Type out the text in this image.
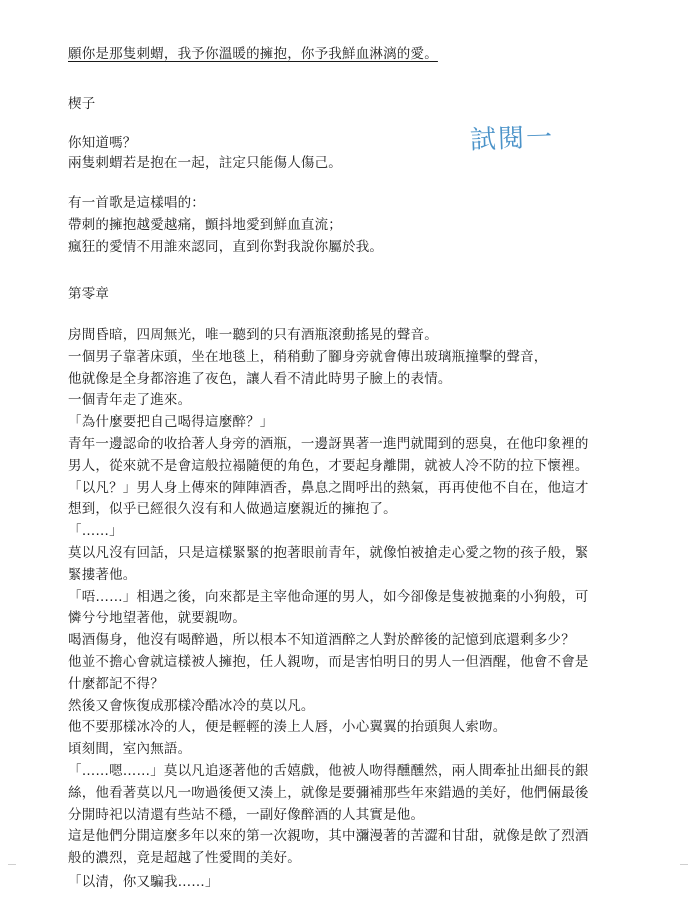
願你是那隻刺蝟，我予你溫暖的擁抱，你予我鮮血淋漓的愛。
楔子
你知道嗎？
兩隻刺蝟若是抱在一起，註定只能傷人傷己。
有一首歌是這樣唱的：
帶刺的擁抱越愛越痛，顫抖地愛到鮮血直流；
瘋狂的愛情不用誰來認同，直到你對我說你屬於我。
第零章
房間昏暗，四周無光，唯一聽到的只有酒瓶滾動搖晃的聲音。
一個男子靠著床頭，坐在地毯上，稍稍動了腳身旁就會傳出玻璃瓶撞擊的聲音，
他就像是全身都溶進了夜色，讓人看不清此時男子臉上的表情。
一個青年走了進來。
「為什麼要把自己喝得這麼醉？」
青年一邊認命的收拾著人身旁的酒瓶，一邊訝異著一進門就聞到的惡臭，在他印象裡的
男人，從來就不是會這般拉褟隨便的角色，才要起身離開，就被人冷不防的拉下懷裡。
「以凡？」男人身上傳來的陣陣酒香，鼻息之間呼出的熱氣，再再使他不自在，他這才
想到，似乎已經很久沒有和人做過這麼親近的擁抱了。
「……」
莫以凡沒有回話，只是這樣緊緊的抱著眼前青年，就像怕被搶走心愛之物的孩子般，緊
緊摟著他。
「唔……」相遇之後，向來都是主宰他命運的男人，如今卻像是隻被拋棄的小狗般，可
憐兮兮地望著他，就要親吻。
喝酒傷身，他沒有喝醉過，所以根本不知道酒醉之人對於醉後的記憶到底還剩多少？
他並不擔心會就這樣被人擁抱，任人親吻，而是害怕明日的男人一但酒醒，他會不會是
什麼都記不得？
然後又會恢復成那樣冷酷冰冷的莫以凡。
他不要那樣冰冷的人，便是輕輕的湊上人唇，小心翼翼的抬頭與人索吻。
頃刻間，室內無語。
「……嗯……」莫以凡追逐著他的舌嬉戲，他被人吻得醺醺然，兩人間牽扯出細長的銀
絲，他看著莫以凡一吻過後便又湊上，就像是要彌補那些年來錯過的美好，他們倆最後
分開時祀以清還有些站不穩，一副好像醉酒的人其實是他。
這是他們分開這麼多年以來的第一次親吻，其中瀰漫著的苦澀和甘甜，就像是飲了烈酒
般的濃烈，竟是超越了性愛間的美好。
「以清，你又騙我……」
試閱一
